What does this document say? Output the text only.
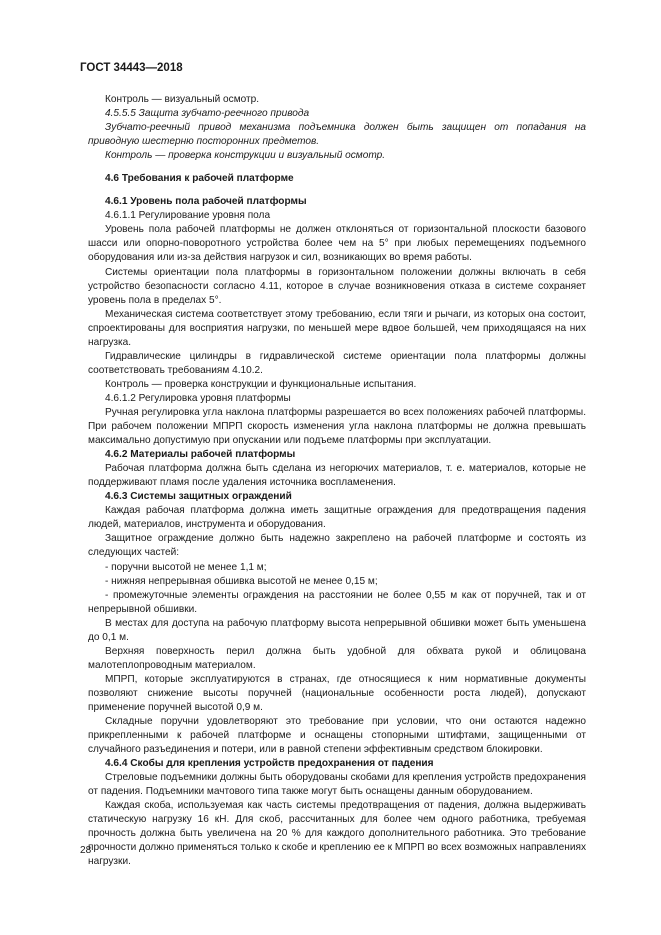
ГОСТ 34443—2018

Контроль — визуальный осмотр.

4.5.5.5 Защита зубчато-реечного привода

Зубчато-реечный привод механизма подъемника должен быть защищен от попадания на приводную шестерню посторонних предметов.

Контроль — проверка конструкции и визуальный осмотр.

4.6 Требования к рабочей платформе

4.6.1 Уровень пола рабочей платформы

4.6.1.1 Регулирование уровня пола

Уровень пола рабочей платформы не должен отклоняться от горизонтальной плоскости базового шасси или опорно-поворотного устройства более чем на 5° при любых перемещениях подъемного оборудования или из-за действия нагрузок и сил, возникающих во время работы.

Системы ориентации пола платформы в горизонтальном положении должны включать в себя устройство безопасности согласно 4.11, которое в случае возникновения отказа в системе сохраняет уровень пола в пределах 5°.

Механическая система соответствует этому требованию, если тяги и рычаги, из которых она состоит, спроектированы для восприятия нагрузки, по меньшей мере вдвое большей, чем приходящаяся на них нагрузка.

Гидравлические цилиндры в гидравлической системе ориентации пола платформы должны соответствовать требованиям 4.10.2.

Контроль — проверка конструкции и функциональные испытания.

4.6.1.2 Регулировка уровня платформы

Ручная регулировка угла наклона платформы разрешается во всех положениях рабочей платформы. При рабочем положении МПРП скорость изменения угла наклона платформы не должна превышать максимально допустимую при опускании или подъеме платформы при эксплуатации.

4.6.2 Материалы рабочей платформы

Рабочая платформа должна быть сделана из негорючих материалов, т. е. материалов, которые не поддерживают пламя после удаления источника воспламенения.

4.6.3 Системы защитных ограждений

Каждая рабочая платформа должна иметь защитные ограждения для предотвращения падения людей, материалов, инструмента и оборудования.

Защитное ограждение должно быть надежно закреплено на рабочей платформе и состоять из следующих частей:

- поручни высотой не менее 1,1 м;

- нижняя непрерывная обшивка высотой не менее 0,15 м;

- промежуточные элементы ограждения на расстоянии не более 0,55 м как от поручней, так и от непрерывной обшивки.

В местах для доступа на рабочую платформу высота непрерывной обшивки может быть уменьшена до 0,1 м.

Верхняя поверхность перил должна быть удобной для обхвата рукой и облицована малотеплопроводным материалом.

МПРП, которые эксплуатируются в странах, где относящиеся к ним нормативные документы позволяют снижение высоты поручней (национальные особенности роста людей), допускают применение поручней высотой 0,9 м.

Складные поручни удовлетворяют это требование при условии, что они остаются надежно прикрепленными к рабочей платформе и оснащены стопорными штифтами, защищенными от случайного разъединения и потери, или в равной степени эффективным средством блокировки.

4.6.4 Скобы для крепления устройств предохранения от падения

Стреловые подъемники должны быть оборудованы скобами для крепления устройств предохранения от падения. Подъемники мачтового типа также могут быть оснащены данным оборудованием.

Каждая скоба, используемая как часть системы предотвращения от падения, должна выдерживать статическую нагрузку 16 кН. Для скоб, рассчитанных для более чем одного работника, требуемая прочность должна быть увеличена на 20 % для каждого дополнительного работника. Это требование прочности должно применяться только к скобе и креплению ее к МПРП во всех возможных направлениях нагрузки.

28
